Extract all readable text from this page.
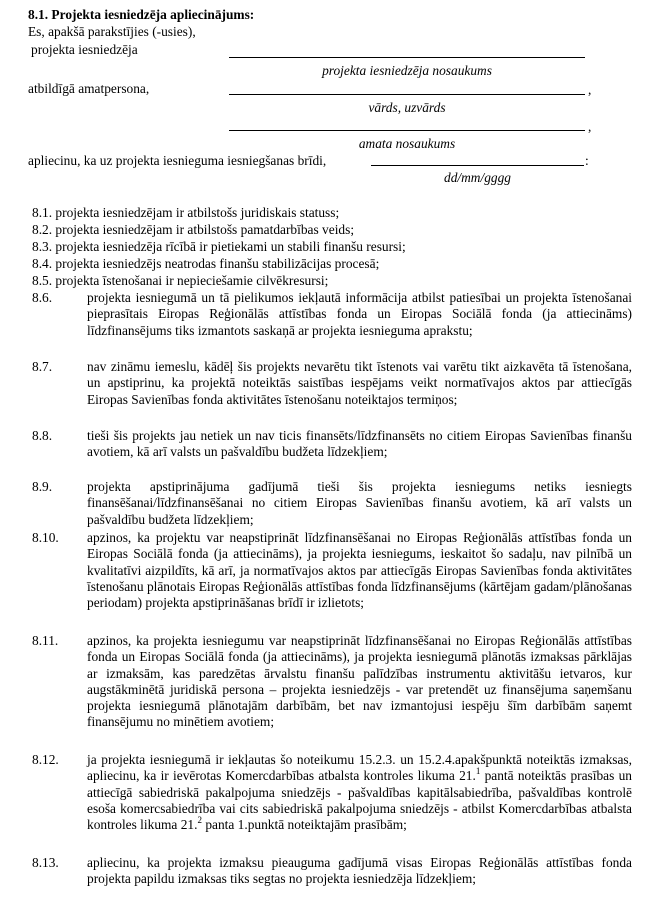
8.1. Projekta iesniedzēja apliecinājums:
Es, apakšā parakstījies (-usies),
projekta iesniedzēja
projekta iesniedzēja nosaukums
atbildīgā amatpersona,	,
vārds, uzvārds
,
amata nosaukums
apliecinu, ka uz projekta iesnieguma iesniegšanas brīdi,	:
dd/mm/gggg
8.1. projekta iesniedzējam ir atbilstošs juridiskais statuss;
8.2. projekta iesniedzējam ir atbilstošs pamatdarbības veids;
8.3. projekta iesniedzēja rīcībā ir pietiekami un stabili finanšu resursi;
8.4. projekta iesniedzējs neatrodas finanšu stabilizācijas procesā;
8.5. projekta īstenošanai ir nepieciešamie cilvēkresursi;
8.6.	projekta iesniegumā un tā pielikumos iekļautā informācija atbilst patiesībai un projekta īstenošanai pieprasītais Eiropas Reģionālās attīstības fonda un Eiropas Sociālā fonda (ja attiecināms) līdzfinansējums tiks izmantots saskaņā ar projekta iesnieguma aprakstu;
8.7.	nav zināmu iemeslu, kādēļ šis projekts nevarētu tikt īstenots vai varētu tikt aizkavēta tā īstenošana, un apstiprinu, ka projektā noteiktās saistības iespējams veikt normatīvajos aktos par attiecīgās Eiropas Savienības fonda aktivitātes īstenošanu noteiktajos termiņos;
8.8.	tieši šis projekts jau netiek un nav ticis finansēts/līdzfinansēts no citiem Eiropas Savienības finanšu avotiem, kā arī valsts un pašvaldību budžeta līdzekļiem;
8.9.	projekta apstiprinājuma gadījumā tieši šis projekta iesniegums netiks iesniegts finansēšanai/līdzfinansēšanai no citiem Eiropas Savienības finanšu avotiem, kā arī valsts un pašvaldību budžeta līdzekļiem;
8.10. apzinos, ka projektu var neapstiprināt līdzfinansēšanai no Eiropas Reģionālās attīstības fonda un Eiropas Sociālā fonda (ja attiecināms), ja projekta iesniegums, ieskaitot šo sadaļu, nav pilnībā un kvalitatīvi aizpildīts, kā arī, ja normatīvajos aktos par attiecīgās Eiropas Savienības fonda aktivitātes īstenošanu plānotais Eiropas Reģionālās attīstības fonda līdzfinansējums (kārtējam gadam/plānošanas periodam) projekta apstiprināšanas brīdī ir izlietots;
8.11. apzinos, ka projekta iesniegumu var neapstiprināt līdzfinansēšanai no Eiropas Reģionālās attīstības fonda un Eiropas Sociālā fonda (ja attiecināms), ja projekta iesniegumā plānotās izmaksas pārklājas ar izmaksām, kas paredzētas ārvalstu finanšu palīdzības instrumentu aktivitāšu ietvaros, kur augstākminētā juridiskā persona – projekta iesniedzējs - var pretendēt uz finansējuma saņemšanu projekta iesniegumā plānotajām darbībām, bet nav izmantojusi iespēju šīm darbībām saņemt finansējumu no minētiem avotiem;
8.12. ja projekta iesniegumā ir iekļautas šo noteikumu 15.2.3. un 15.2.4.apakšpunktā noteiktās izmaksas, apliecinu, ka ir ievērotas Komercdarbības atbalsta kontroles likuma 21.$^1$ pantā noteiktās prasības un attiecīgā sabiedriskā pakalpojuma sniedzējs - pašvaldības kapitālsabiedrība, pašvaldības kontrolē esoša komercsabiedrība vai cits sabiedriskā pakalpojuma sniedzējs - atbilst Komercdarbības atbalsta kontroles likuma 21.$^2$ panta 1.punktā noteiktajām prasībām;
8.13. apliecinu, ka projekta izmaksu pieauguma gadījumā visas Eiropas Reģionālās attīstības fonda projekta papildu izmaksas tiks segtas no projekta iesniedzēja līdzekļiem;
